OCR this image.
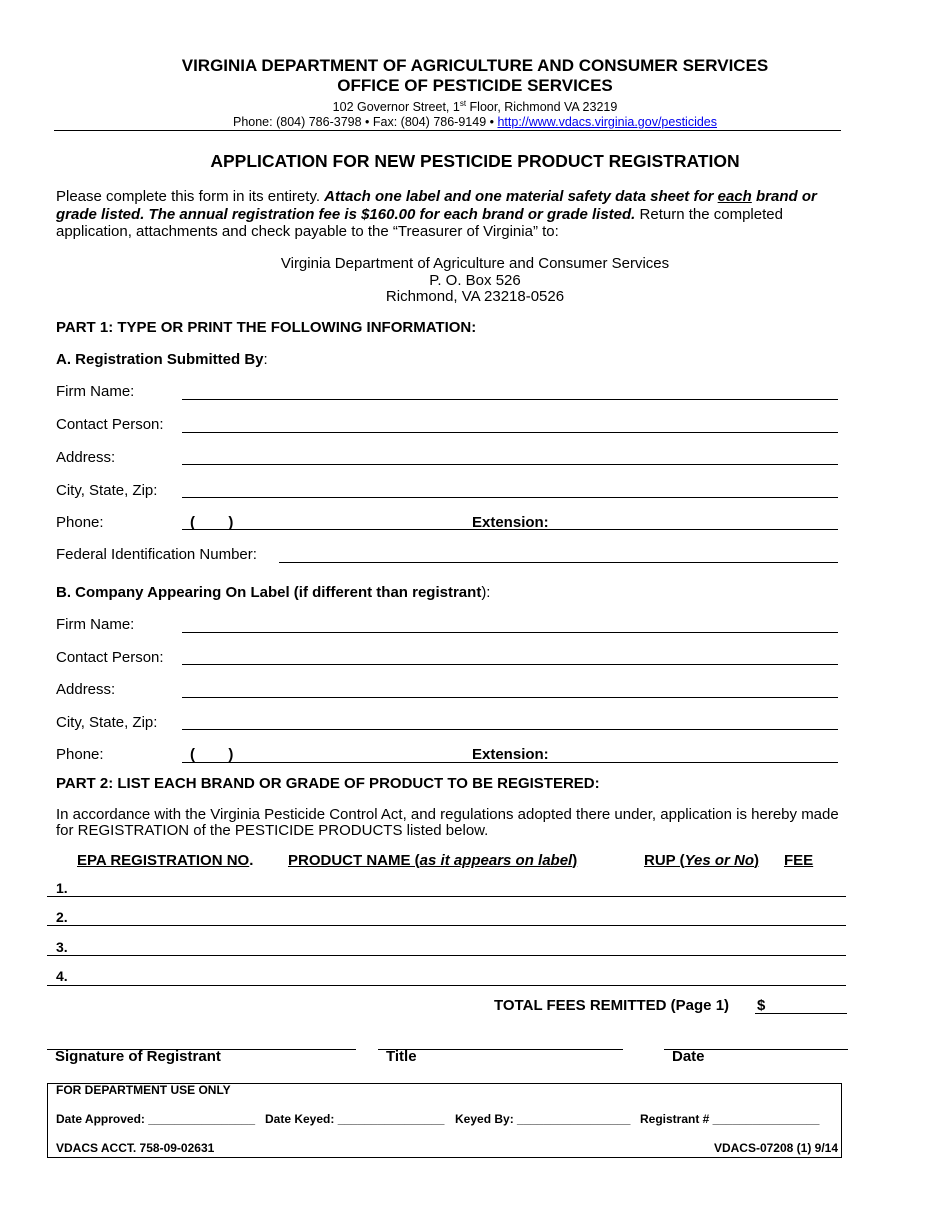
VIRGINIA DEPARTMENT OF AGRICULTURE AND CONSUMER SERVICES
OFFICE OF PESTICIDE SERVICES
102 Governor Street, 1st Floor, Richmond VA 23219
Phone: (804) 786-3798 • Fax: (804) 786-9149 • http://www.vdacs.virginia.gov/pesticides
APPLICATION FOR NEW PESTICIDE PRODUCT REGISTRATION
Please complete this form in its entirety. Attach one label and one material safety data sheet for each brand or grade listed. The annual registration fee is $160.00 for each brand or grade listed. Return the completed application, attachments and check payable to the “Treasurer of Virginia” to:
Virginia Department of Agriculture and Consumer Services
P. O. Box 526
Richmond, VA 23218-0526
PART 1: TYPE OR PRINT THE FOLLOWING INFORMATION:
A. Registration Submitted By:
Firm Name:
Contact Person:
Address:
City, State, Zip:
Phone:	(        )	Extension:
Federal Identification Number:
B. Company Appearing On Label (if different than registrant):
Firm Name:
Contact Person:
Address:
City, State, Zip:
Phone:	(        )	Extension:
PART 2: LIST EACH BRAND OR GRADE OF PRODUCT TO BE REGISTERED:
In accordance with the Virginia Pesticide Control Act, and regulations adopted there under, application is hereby made for REGISTRATION of the PESTICIDE PRODUCTS listed below.
EPA REGISTRATION NO. PRODUCT NAME (as it appears on label)	RUP (Yes or No) FEE
1.
2.
3.
4.
TOTAL FEES REMITTED (Page 1) $
Signature of Registrant	Title	Date
FOR DEPARTMENT USE ONLY
Date Approved: ________________ Date Keyed: ________________ Keyed By: _________________ Registrant # ________________
VDACS ACCT. 758-09-02631	VDACS-07208 (1) 9/14
